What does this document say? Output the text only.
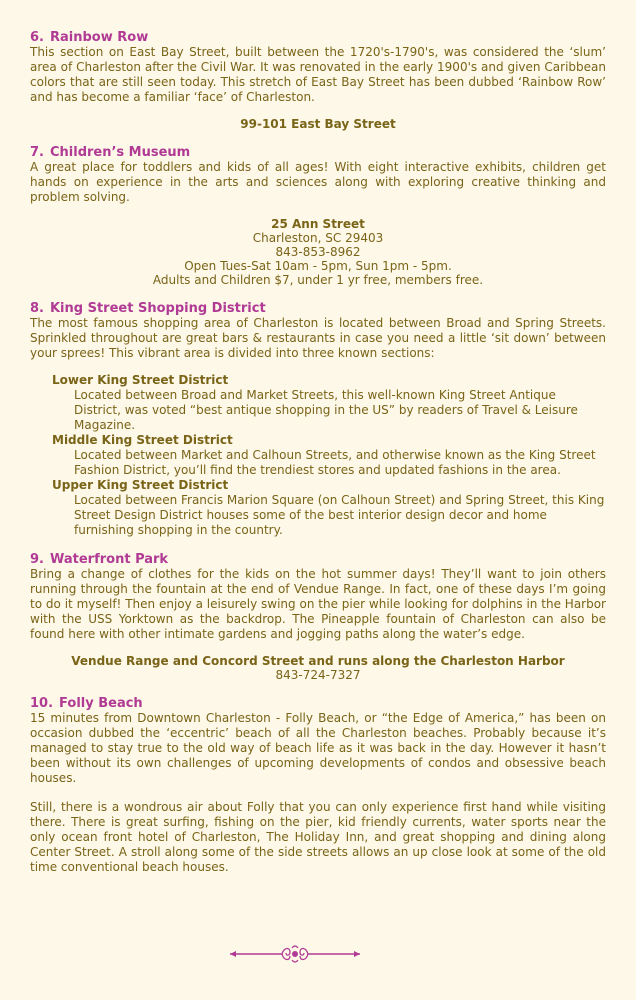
6. Rainbow Row

This section on East Bay Street, built between the 1720's-1790's, was considered the ‘slum’ area of Charleston after the Civil War. It was renovated in the early 1900's and given Caribbean colors that are still seen today. This stretch of East Bay Street has been dubbed ‘Rainbow Row’ and has become a familiar ‘face’ of Charleston.

99-101 East Bay Street
7. Children’s Museum

A great place for toddlers and kids of all ages! With eight interactive exhibits, children get hands on experience in the arts and sciences along with exploring creative thinking and problem solving.

25 Ann Street
Charleston, SC 29403
843-853-8962
Open Tues-Sat 10am - 5pm, Sun 1pm - 5pm.
Adults and Children $7, under 1 yr free, members free.
8. King Street Shopping District

The most famous shopping area of Charleston is located between Broad and Spring Streets. Sprinkled throughout are great bars & restaurants in case you need a little ‘sit down’ between your sprees! This vibrant area is divided into three known sections:

Lower King Street District
Located between Broad and Market Streets, this well-known King Street Antique District, was voted “best antique shopping in the US” by readers of Travel & Leisure Magazine.
Middle King Street District
Located between Market and Calhoun Streets, and otherwise known as the King Street Fashion District, you’ll find the trendiest stores and updated fashions in the area.
Upper King Street District
Located between Francis Marion Square (on Calhoun Street) and Spring Street, this King Street Design District houses some of the best interior design decor and home furnishing shopping in the country.
9. Waterfront Park

Bring a change of clothes for the kids on the hot summer days! They’ll want to join others running through the fountain at the end of Vendue Range. In fact, one of these days I’m going to do it myself! Then enjoy a leisurely swing on the pier while looking for dolphins in the Harbor with the USS Yorktown as the backdrop. The Pineapple fountain of Charleston can also be found here with other intimate gardens and jogging paths along the water’s edge.

Vendue Range and Concord Street and runs along the Charleston Harbor
843-724-7327
10. Folly Beach

15 minutes from Downtown Charleston - Folly Beach, or “the Edge of America,” has been on occasion dubbed the ‘eccentric’ beach of all the Charleston beaches. Probably because it’s managed to stay true to the old way of beach life as it was back in the day. However it hasn’t been without its own challenges of upcoming developments of condos and obsessive beach houses.

Still, there is a wondrous air about Folly that you can only experience first hand while visiting there. There is great surfing, fishing on the pier, kid friendly currents, water sports near the only ocean front hotel of Charleston, The Holiday Inn, and great shopping and dining along Center Street. A stroll along some of the side streets allows an up close look at some of the old time conventional beach houses.
